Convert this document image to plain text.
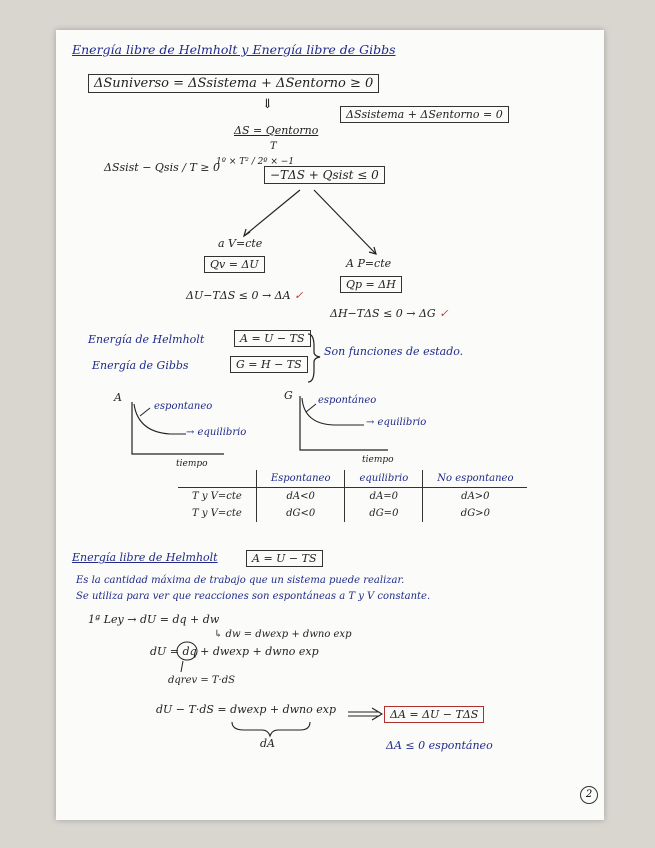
Energía libre de Helmholt y Energía libre de Gibbs
ΔSuniverso = ΔSsistema + ΔSentorno ≥ 0
⇓
ΔSsistema + ΔSentorno = 0
ΔS = Qentorno
T
ΔSsist − Qsis / T ≥ 0
1º × T² / 2º × −1
−TΔS + Qsist ≤ 0
a V=cte
Qv = ΔU
ΔU−TΔS ≤ 0 → ΔA ✓
A P=cte
Qp = ΔH
ΔH−TΔS ≤ 0 → ΔG ✓
Energía de Helmholt	A = U − TS
Energía de Gibbs	G = H − TS
Son funciones de estado.
A
espontaneo
→ equilibrio
tiempo
G	espontáneo
→ equilibrio
tiempo
	Espontaneo	equilibrio	No espontaneo
T y V=cte	dA<0	dA=0	dA>0
T y V=cte	dG<0	dG=0	dG>0
Energía libre de Helmholt	A = U − TS
Es la cantidad máxima de trabajo que un sistema puede realizar.
Se utiliza para ver que reacciones son espontáneas a T y V constante.
1ª Ley → dU = dq + dw
↳ dw = dwexp + dwno exp
dU = dq + dwexp + dwno exp
dqrev = T·dS
dU − T·dS = dwexp + dwno exp
dA
ΔA = ΔU − TΔS
ΔA ≤ 0 espontáneo
2
